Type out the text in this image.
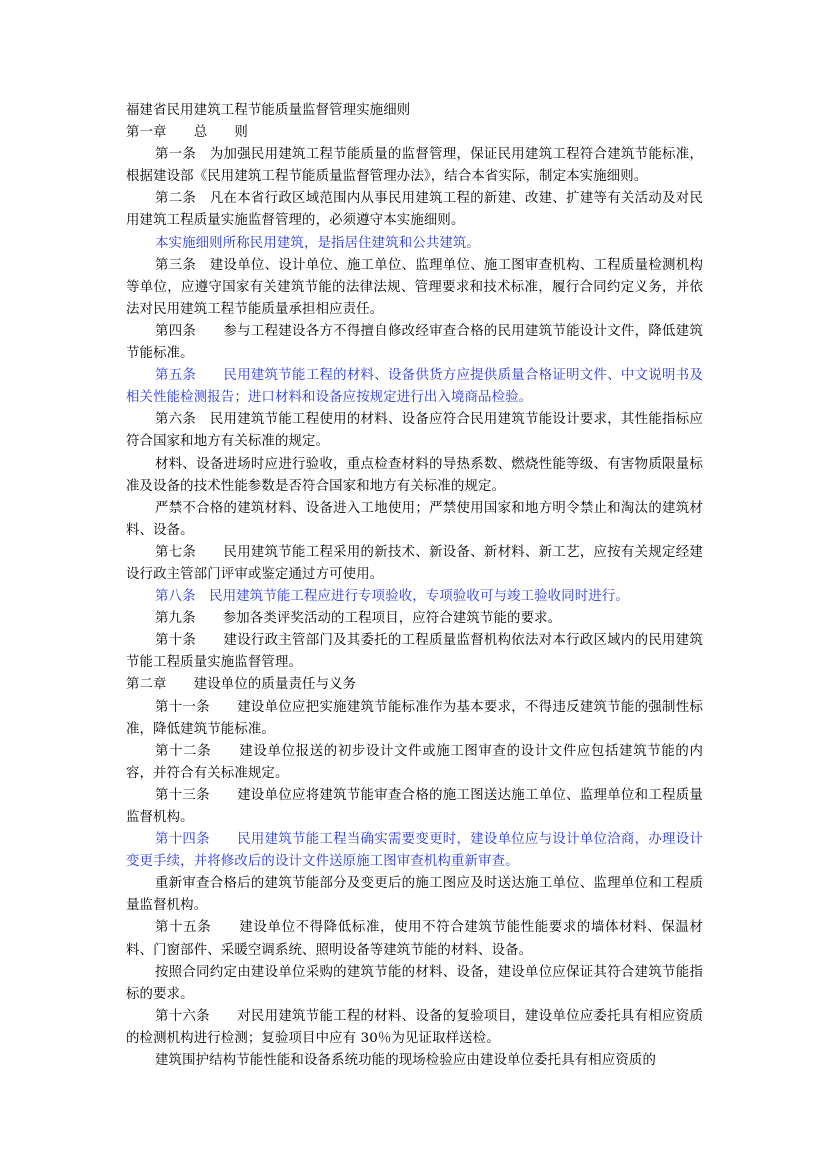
福建省民用建筑工程节能质量监督管理实施细则

第一章　　总　　则

第一条　为加强民用建筑工程节能质量的监督管理，保证民用建筑工程符合建筑节能标准，根据建设部《民用建筑工程节能质量监督管理办法》，结合本省实际，制定本实施细则。

第二条　凡在本省行政区域范围内从事民用建筑工程的新建、改建、扩建等有关活动及对民用建筑工程质量实施监督管理的，必须遵守本实施细则。

本实施细则所称民用建筑，是指居住建筑和公共建筑。

第三条　建设单位、设计单位、施工单位、监理单位、施工图审查机构、工程质量检测机构等单位，应遵守国家有关建筑节能的法律法规、管理要求和技术标准，履行合同约定义务，并依法对民用建筑工程节能质量承担相应责任。

第四条　　参与工程建设各方不得擅自修改经审查合格的民用建筑节能设计文件，降低建筑节能标准。

第五条　　民用建筑节能工程的材料、设备供货方应提供质量合格证明文件、中文说明书及相关性能检测报告；进口材料和设备应按规定进行出入境商品检验。

第六条　民用建筑节能工程使用的材料、设备应符合民用建筑节能设计要求，其性能指标应符合国家和地方有关标准的规定。

材料、设备进场时应进行验收，重点检查材料的导热系数、燃烧性能等级、有害物质限量标准及设备的技术性能参数是否符合国家和地方有关标准的规定。

严禁不合格的建筑材料、设备进入工地使用；严禁使用国家和地方明令禁止和淘汰的建筑材料、设备。

第七条　　民用建筑节能工程采用的新技术、新设备、新材料、新工艺，应按有关规定经建设行政主管部门评审或鉴定通过方可使用。

第八条　民用建筑节能工程应进行专项验收，专项验收可与竣工验收同时进行。

第九条　　参加各类评奖活动的工程项目，应符合建筑节能的要求。

第十条　　建设行政主管部门及其委托的工程质量监督机构依法对本行政区域内的民用建筑节能工程质量实施监督管理。

第二章　　建设单位的质量责任与义务

第十一条　　建设单位应把实施建筑节能标准作为基本要求，不得违反建筑节能的强制性标准，降低建筑节能标准。

第十二条　　建设单位报送的初步设计文件或施工图审查的设计文件应包括建筑节能的内容，并符合有关标准规定。

第十三条　　建设单位应将建筑节能审查合格的施工图送达施工单位、监理单位和工程质量监督机构。

第十四条　　民用建筑节能工程当确实需要变更时，建设单位应与设计单位洽商，办理设计变更手续，并将修改后的设计文件送原施工图审查机构重新审查。

重新审查合格后的建筑节能部分及变更后的施工图应及时送达施工单位、监理单位和工程质量监督机构。

第十五条　　建设单位不得降低标准，使用不符合建筑节能性能要求的墙体材料、保温材料、门窗部件、采暖空调系统、照明设备等建筑节能的材料、设备。

按照合同约定由建设单位采购的建筑节能的材料、设备，建设单位应保证其符合建筑节能指标的要求。

第十六条　　对民用建筑节能工程的材料、设备的复验项目，建设单位应委托具有相应资质的检测机构进行检测；复验项目中应有 30％为见证取样送检。

建筑围护结构节能性能和设备系统功能的现场检验应由建设单位委托具有相应资质的
